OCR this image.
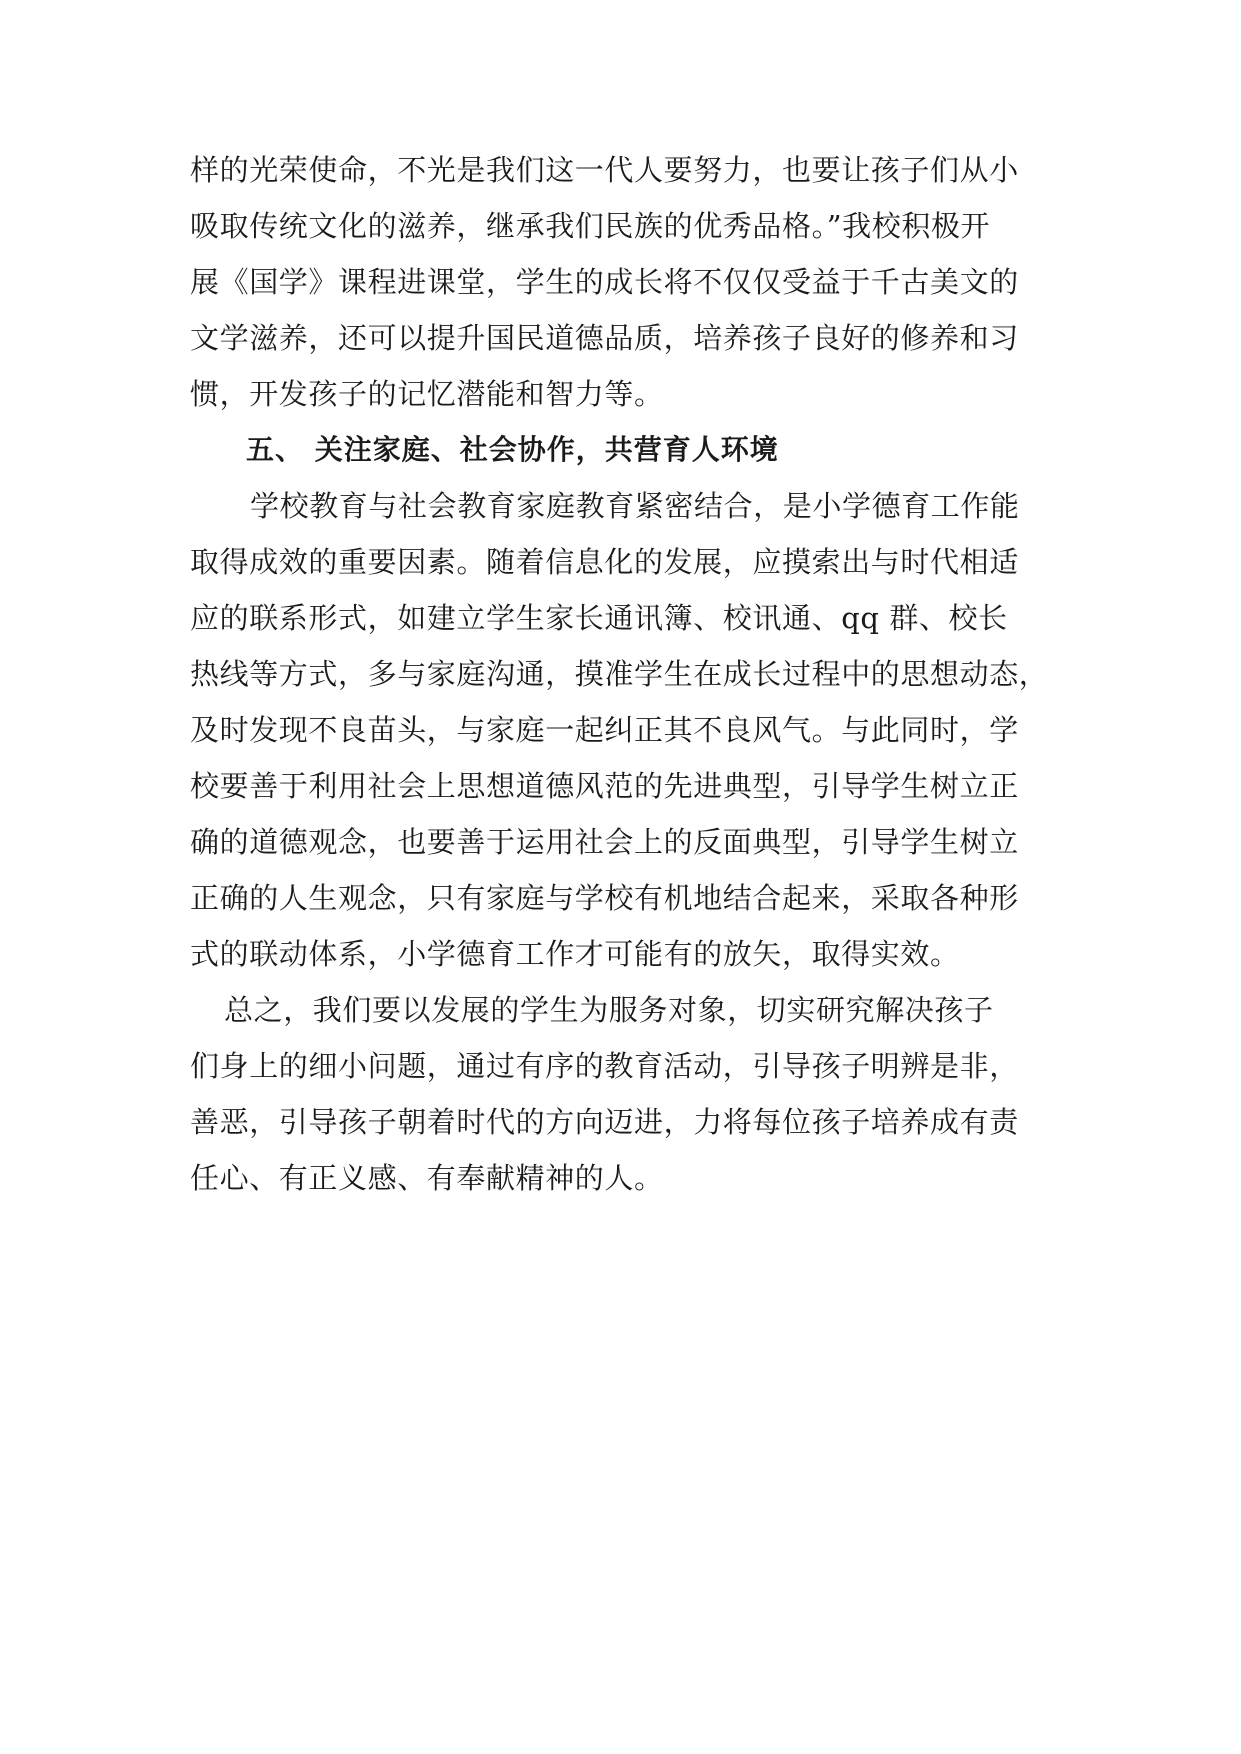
样的光荣使命，不光是我们这一代人要努力，也要让孩子们从小
吸取传统文化的滋养，继承我们民族的优秀品格。”我校积极开
展《国学》课程进课堂，学生的成长将不仅仅受益于千古美文的
文学滋养，还可以提升国民道德品质，培养孩子良好的修养和习
惯，开发孩子的记忆潜能和智力等。
五、 关注家庭、社会协作，共营育人环境
学校教育与社会教育家庭教育紧密结合，是小学德育工作能
取得成效的重要因素。随着信息化的发展，应摸索出与时代相适
应的联系形式，如建立学生家长通讯簿、校讯通、qq 群、校长
热线等方式，多与家庭沟通，摸准学生在成长过程中的思想动态，
及时发现不良苗头，与家庭一起纠正其不良风气。与此同时，学
校要善于利用社会上思想道德风范的先进典型，引导学生树立正
确的道德观念，也要善于运用社会上的反面典型，引导学生树立
正确的人生观念，只有家庭与学校有机地结合起来，采取各种形
式的联动体系，小学德育工作才可能有的放矢，取得实效。
总之，我们要以发展的学生为服务对象，切实研究解决孩子
们身上的细小问题，通过有序的教育活动，引导孩子明辨是非，
善恶，引导孩子朝着时代的方向迈进，力将每位孩子培养成有责
任心、有正义感、有奉献精神的人。
